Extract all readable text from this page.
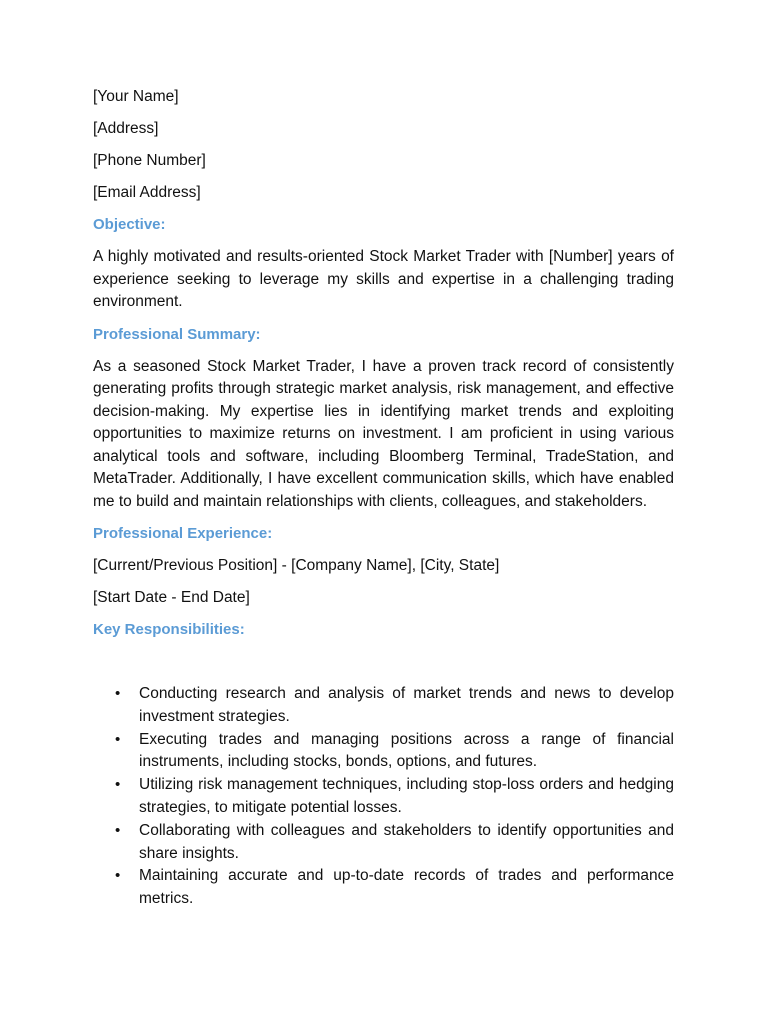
[Your Name]
[Address]
[Phone Number]
[Email Address]
Objective:
A highly motivated and results-oriented Stock Market Trader with [Number] years of experience seeking to leverage my skills and expertise in a challenging trading environment.
Professional Summary:
As a seasoned Stock Market Trader, I have a proven track record of consistently generating profits through strategic market analysis, risk management, and effective decision-making. My expertise lies in identifying market trends and exploiting opportunities to maximize returns on investment. I am proficient in using various analytical tools and software, including Bloomberg Terminal, TradeStation, and MetaTrader. Additionally, I have excellent communication skills, which have enabled me to build and maintain relationships with clients, colleagues, and stakeholders.
Professional Experience:
[Current/Previous Position] - [Company Name], [City, State]
[Start Date - End Date]
Key Responsibilities:
• Conducting research and analysis of market trends and news to develop investment strategies.
• Executing trades and managing positions across a range of financial instruments, including stocks, bonds, options, and futures.
• Utilizing risk management techniques, including stop-loss orders and hedging strategies, to mitigate potential losses.
• Collaborating with colleagues and stakeholders to identify opportunities and share insights.
• Maintaining accurate and up-to-date records of trades and performance metrics.
